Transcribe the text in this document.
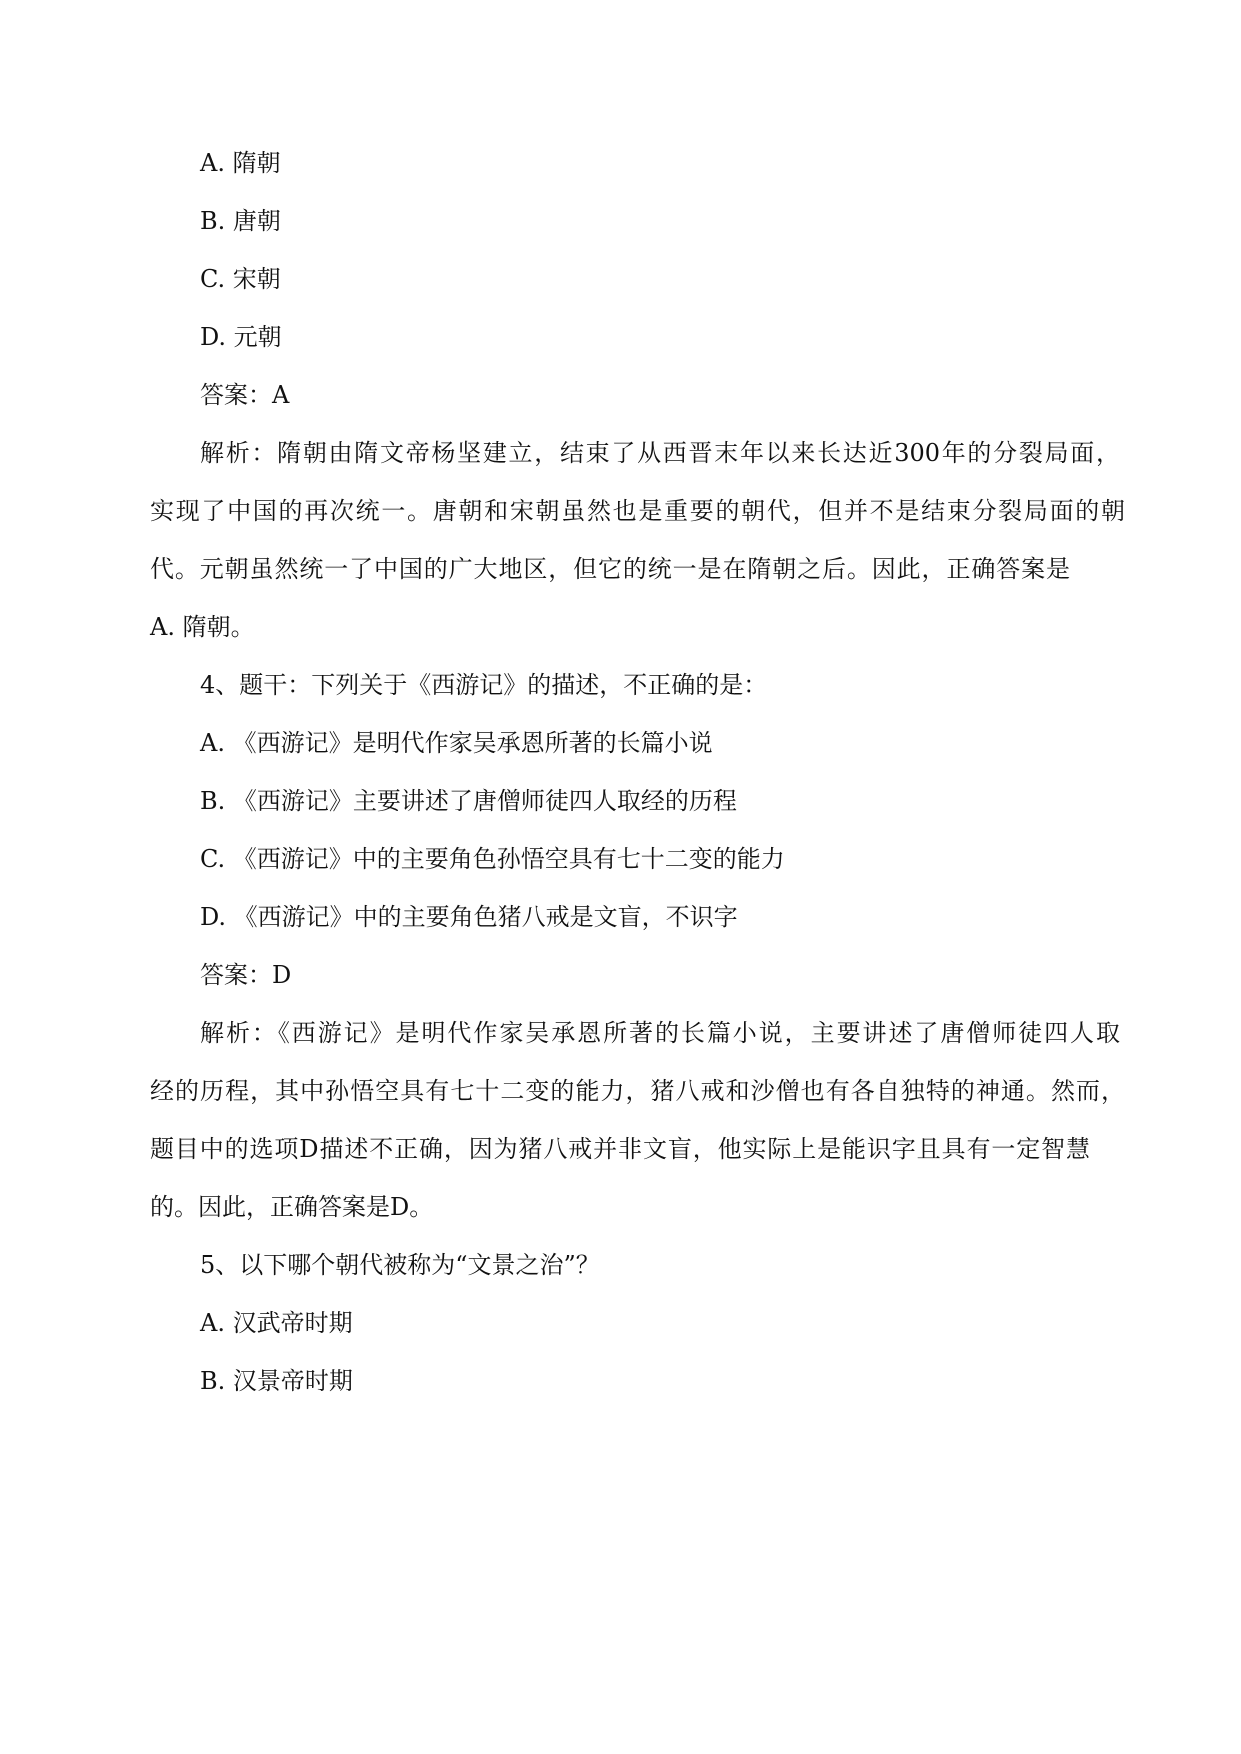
A. 隋朝
B. 唐朝
C. 宋朝
D. 元朝
答案：A
解析：隋朝由隋文帝杨坚建立，结束了从西晋末年以来长达近300年的分裂局面，
实现了中国的再次统一。唐朝和宋朝虽然也是重要的朝代，但并不是结束分裂局面的朝
代。元朝虽然统一了中国的广大地区，但它的统一是在隋朝之后。因此，正确答案是
A. 隋朝。
4、题干：下列关于《西游记》的描述，不正确的是：
A. 《西游记》是明代作家吴承恩所著的长篇小说
B. 《西游记》主要讲述了唐僧师徒四人取经的历程
C. 《西游记》中的主要角色孙悟空具有七十二变的能力
D. 《西游记》中的主要角色猪八戒是文盲，不识字
答案：D
解析：《西游记》是明代作家吴承恩所著的长篇小说，主要讲述了唐僧师徒四人取
经的历程，其中孙悟空具有七十二变的能力，猪八戒和沙僧也有各自独特的神通。然而，
题目中的选项D描述不正确，因为猪八戒并非文盲，他实际上是能识字且具有一定智慧
的。因此，正确答案是D。
5、以下哪个朝代被称为“文景之治”？
A. 汉武帝时期
B. 汉景帝时期
